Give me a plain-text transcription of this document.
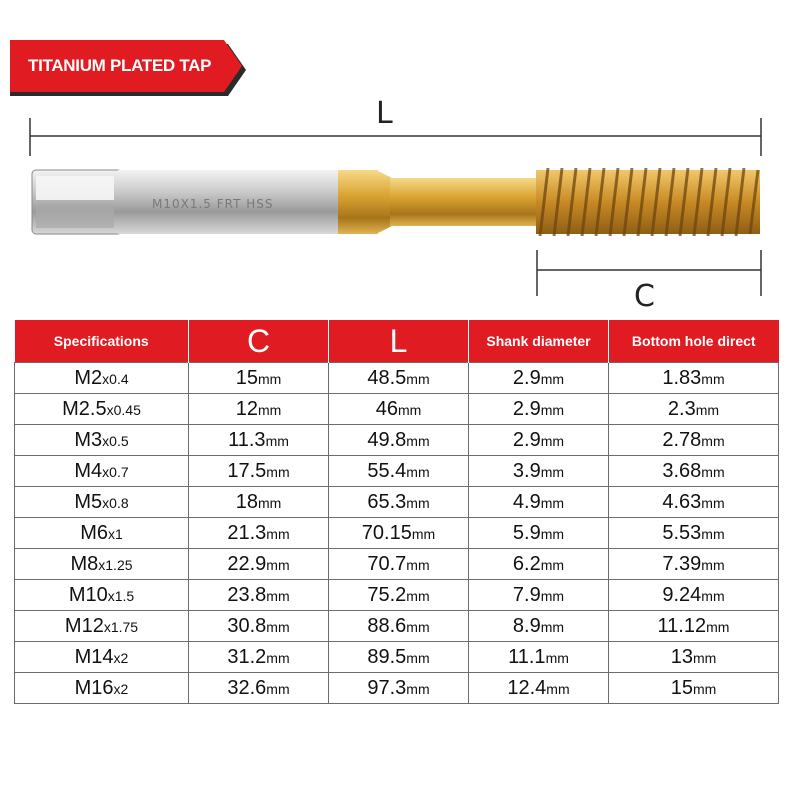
TITANIUM PLATED TAP
L
C
M10X1.5 FRT HSS
Specifications	C	L	Shank diameter	Bottom hole direct
M2x0.4	15mm	48.5mm	2.9mm	1.83mm
M2.5x0.45	12mm	46mm	2.9mm	2.3mm
M3x0.5	11.3mm	49.8mm	2.9mm	2.78mm
M4x0.7	17.5mm	55.4mm	3.9mm	3.68mm
M5x0.8	18mm	65.3mm	4.9mm	4.63mm
M6x1	21.3mm	70.15mm	5.9mm	5.53mm
M8x1.25	22.9mm	70.7mm	6.2mm	7.39mm
M10x1.5	23.8mm	75.2mm	7.9mm	9.24mm
M12x1.75	30.8mm	88.6mm	8.9mm	11.12mm
M14x2	31.2mm	89.5mm	11.1mm	13mm
M16x2	32.6mm	97.3mm	12.4mm	15mm
